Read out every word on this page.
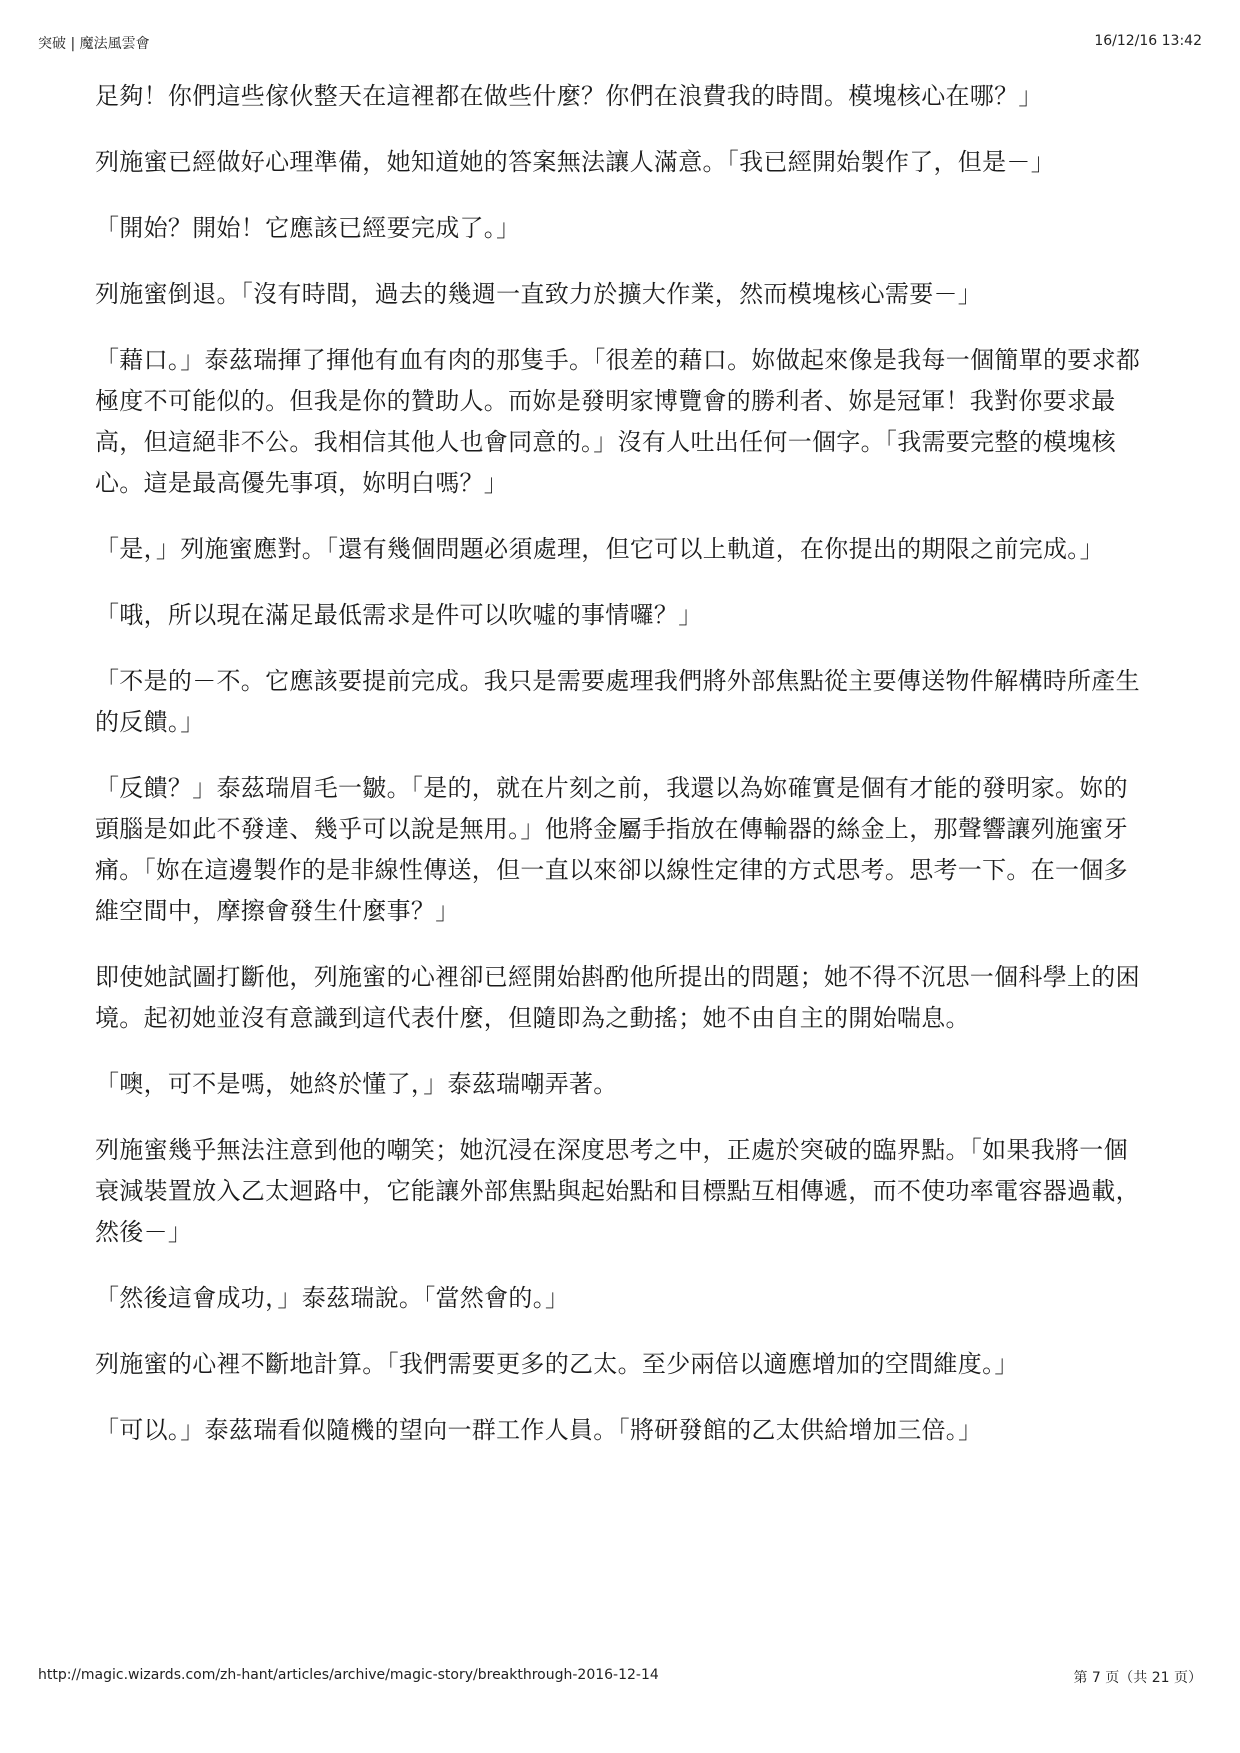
突破 | 魔法風雲會	16/12/16 13:42

足夠！你們這些傢伙整天在這裡都在做些什麼？你們在浪費我的時間。模塊核心在哪？」

列施蜜已經做好心理準備，她知道她的答案無法讓人滿意。「我已經開始製作了，但是－」

「開始？開始！它應該已經要完成了。」

列施蜜倒退。「沒有時間，過去的幾週一直致力於擴大作業，然而模塊核心需要－」

「藉口。」泰茲瑞揮了揮他有血有肉的那隻手。「很差的藉口。妳做起來像是我每一個簡單的要求都極度不可能似的。但我是你的贊助人。而妳是發明家博覽會的勝利者、妳是冠軍！我對你要求最高，但這絕非不公。我相信其他人也會同意的。」沒有人吐出任何一個字。「我需要完整的模塊核心。這是最高優先事項，妳明白嗎？」

「是，」列施蜜應對。「還有幾個問題必須處理，但它可以上軌道，在你提出的期限之前完成。」

「哦，所以現在滿足最低需求是件可以吹噓的事情囉？」

「不是的－不。它應該要提前完成。我只是需要處理我們將外部焦點從主要傳送物件解構時所產生的反饋。」

「反饋？」泰茲瑞眉毛一皺。「是的，就在片刻之前，我還以為妳確實是個有才能的發明家。妳的頭腦是如此不發達、幾乎可以說是無用。」他將金屬手指放在傳輸器的絲金上，那聲響讓列施蜜牙痛。「妳在這邊製作的是非線性傳送，但一直以來卻以線性定律的方式思考。思考一下。在一個多維空間中，摩擦會發生什麼事？」

即使她試圖打斷他，列施蜜的心裡卻已經開始斟酌他所提出的問題；她不得不沉思一個科學上的困境。起初她並沒有意識到這代表什麼，但隨即為之動搖；她不由自主的開始喘息。

「噢，可不是嗎，她終於懂了，」泰茲瑞嘲弄著。

列施蜜幾乎無法注意到他的嘲笑；她沉浸在深度思考之中，正處於突破的臨界點。「如果我將一個衰減裝置放入乙太迴路中，它能讓外部焦點與起始點和目標點互相傳遞，而不使功率電容器過載，然後－」

「然後這會成功，」泰茲瑞說。「當然會的。」

列施蜜的心裡不斷地計算。「我們需要更多的乙太。至少兩倍以適應增加的空間維度。」

「可以。」泰茲瑞看似隨機的望向一群工作人員。「將研發館的乙太供給增加三倍。」

http://magic.wizards.com/zh-hant/articles/archive/magic-story/breakthrough-2016-12-14	第 7 页（共 21 页）
